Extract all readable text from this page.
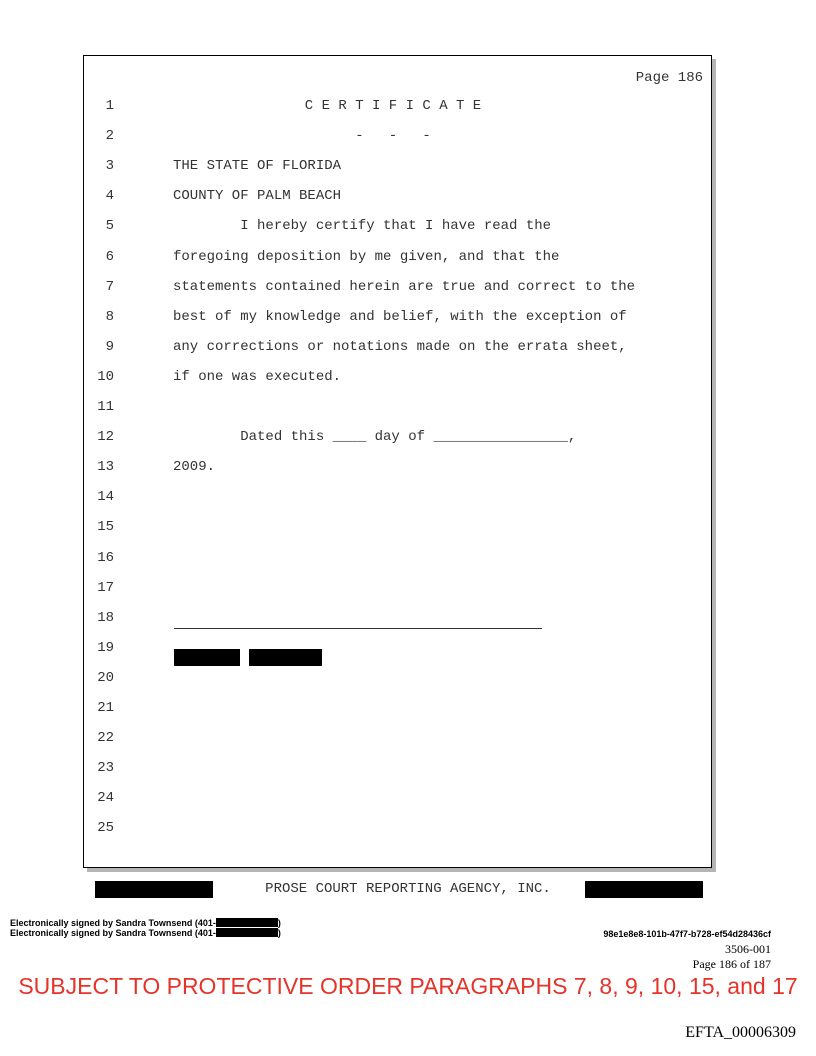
Page 186
1	C E R T I F I C A T E
2	-   -   -
3	THE STATE OF FLORIDA
4	COUNTY OF PALM BEACH
5	I hereby certify that I have read the
6	foregoing deposition by me given, and that the
7	statements contained herein are true and correct to the
8	best of my knowledge and belief, with the exception of
9	any corrections or notations made on the errata sheet,
10	if one was executed.
11
12	Dated this ____ day of ________________,
13	2009.
14
15
16
17
18
19
20
21
22
23
24
25
PROSE COURT REPORTING AGENCY, INC.
Electronically signed by Sandra Townsend (401-	)
Electronically signed by Sandra Townsend (401-	)	98e1e8e8-101b-47f7-b728-ef54d28436cf
3506-001
Page 186 of 187
SUBJECT TO PROTECTIVE ORDER PARAGRAPHS 7, 8, 9, 10, 15, and 17
EFTA_00006309
